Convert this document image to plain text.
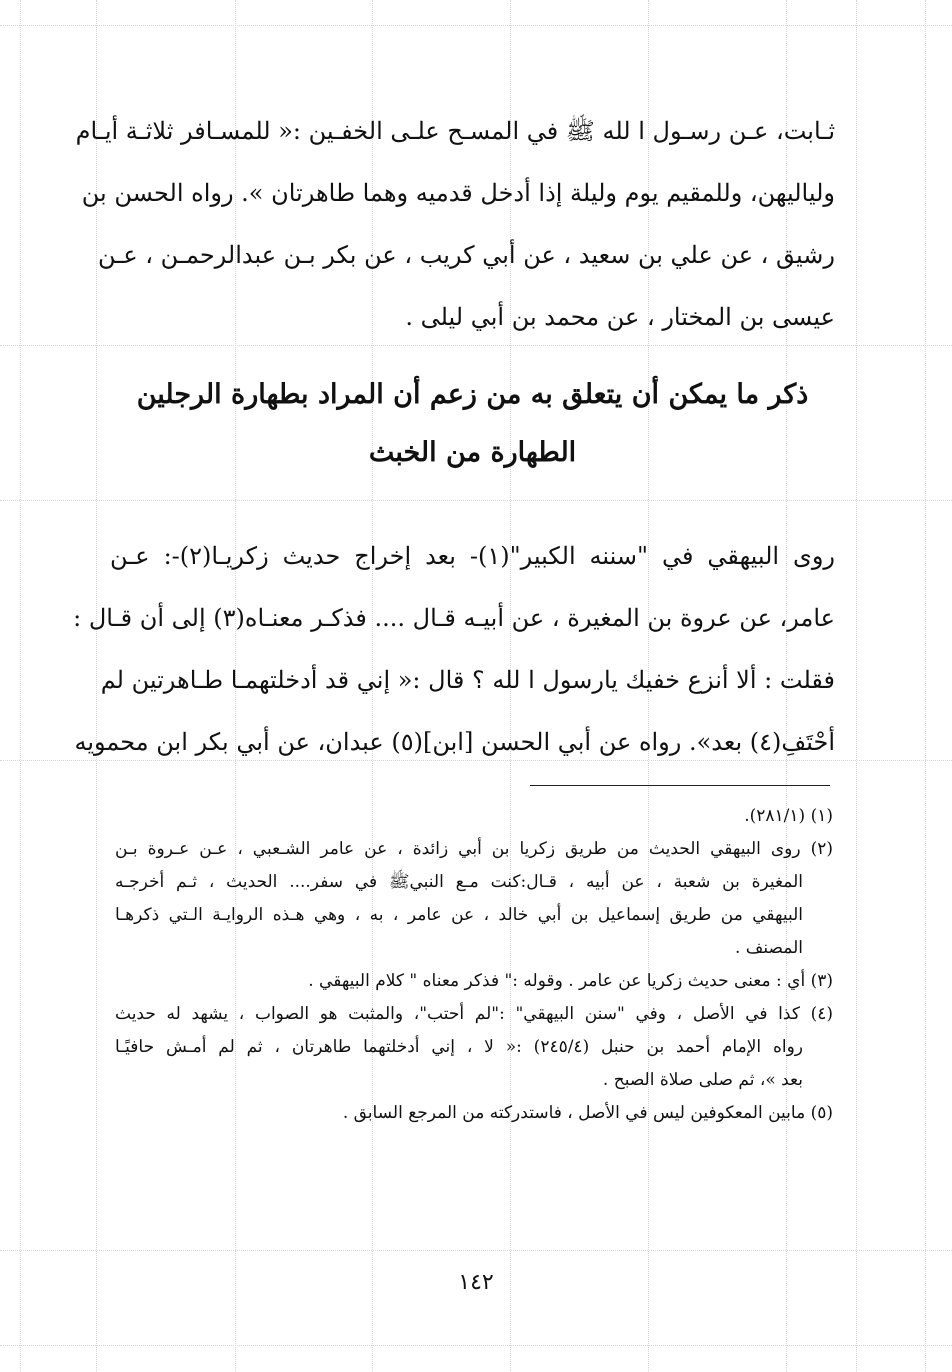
ثـابت، عـن رسـول ا لله ﷺ في المسـح علـى الخفـين :« للمسـافر ثلاثـة أيـام
ولياليهن، وللمقيم يوم وليلة إذا أدخل قدميه وهما طاهرتان ». رواه الحسن بن
رشيق ، عن علي بن سعيد ، عن أبي كريب ، عن بكر بـن عبدالرحمـن ، عـن
عيسى بن المختار ، عن محمد بن أبي ليلى .
ذكر ما يمكن أن يتعلق به من زعم أن المراد بطهارة الرجلين
الطهارة من الخبث
روى البيهقي في "سننه الكبير"(١)- بعد إخراج حديث زكريـا(٢)-: عـن
عامر، عن عروة بن المغيرة ، عن أبيـه قـال .... فذكـر معنـاه(٣) إلى أن قـال :
فقلت : ألا أنزع خفيك يارسول ا لله ؟ قال :« إني قد أدخلتهمـا طـاهرتين لم
أحْتَفِ(٤) بعد». رواه عن أبي الحسن [ابن](٥) عبدان، عن أبي بكر ابن محمويه
(١) (٢٨١/١).
(٢) روى البيهقي الحديث من طريق زكريا بن أبي زائدة ، عن عامر الشـعبي ، عـن عـروة بـن
المغيرة بن شعبة ، عن أبيه ، قـال:كنت مـع النبيﷺ في سفر.... الحديث ، ثـم أخرجـه
البيهقي من طريق إسماعيل بن أبي خالد ، عن عامر ، به ، وهي هـذه الروايـة الـتي ذكرهـا
المصنف .
(٣) أي : معنى حديث زكريا عن عامر . وقوله :" فذكر معناه " كلام البيهقي .
(٤) كذا في الأصل ، وفي "سنن البيهقي" :"لم أحتب"، والمثبت هو الصواب ، يشهد له حديث
رواه الإمام أحمد بن حنبل (٢٤٥/٤) :« لا ، إني أدخلتهما طاهرتان ، ثم لم أمـش حافيًـا
بعد »، ثم صلى صلاة الصبح .
(٥) مابين المعكوفين ليس في الأصل ، فاستدركته من المرجع السابق .
١٤٢
